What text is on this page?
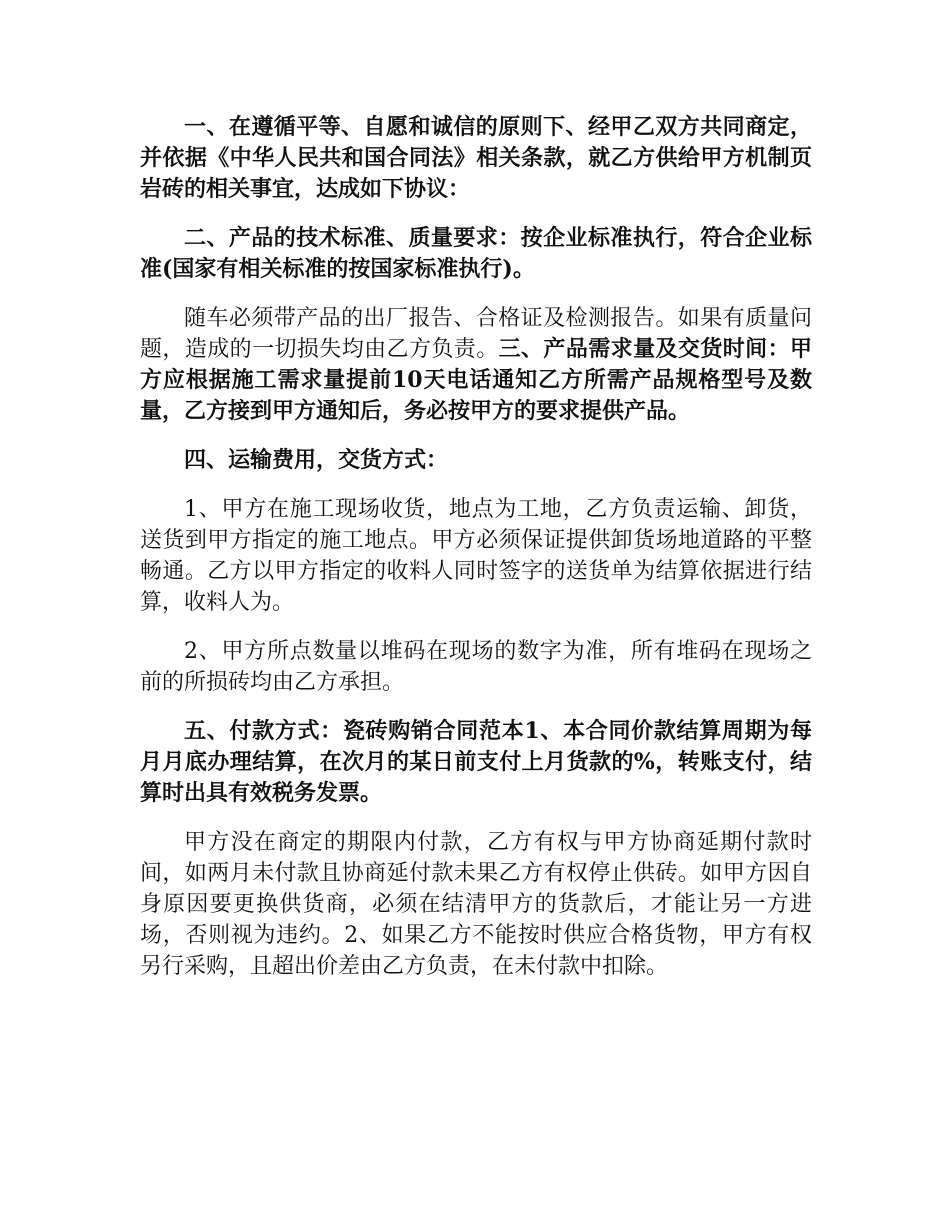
一、在遵循平等、自愿和诚信的原则下、经甲乙双方共同商定，并依据《中华人民共和国合同法》相关条款，就乙方供给甲方机制页岩砖的相关事宜，达成如下协议：

二、产品的技术标准、质量要求：按企业标准执行，符合企业标准(国家有相关标准的按国家标准执行)。

随车必须带产品的出厂报告、合格证及检测报告。如果有质量问题，造成的一切损失均由乙方负责。三、产品需求量及交货时间：甲方应根据施工需求量提前10天电话通知乙方所需产品规格型号及数量，乙方接到甲方通知后，务必按甲方的要求提供产品。

四、运输费用，交货方式：

1、甲方在施工现场收货，地点为工地，乙方负责运输、卸货，送货到甲方指定的施工地点。甲方必须保证提供卸货场地道路的平整畅通。乙方以甲方指定的收料人同时签字的送货单为结算依据进行结算，收料人为。

2、甲方所点数量以堆码在现场的数字为准，所有堆码在现场之前的所损砖均由乙方承担。

五、付款方式：瓷砖购销合同范本1、本合同价款结算周期为每月月底办理结算，在次月的某日前支付上月货款的%，转账支付，结算时出具有效税务发票。

甲方没在商定的期限内付款，乙方有权与甲方协商延期付款时间，如两月未付款且协商延付款未果乙方有权停止供砖。如甲方因自身原因要更换供货商，必须在结清甲方的货款后，才能让另一方进场，否则视为违约。2、如果乙方不能按时供应合格货物，甲方有权另行采购，且超出价差由乙方负责，在未付款中扣除。
